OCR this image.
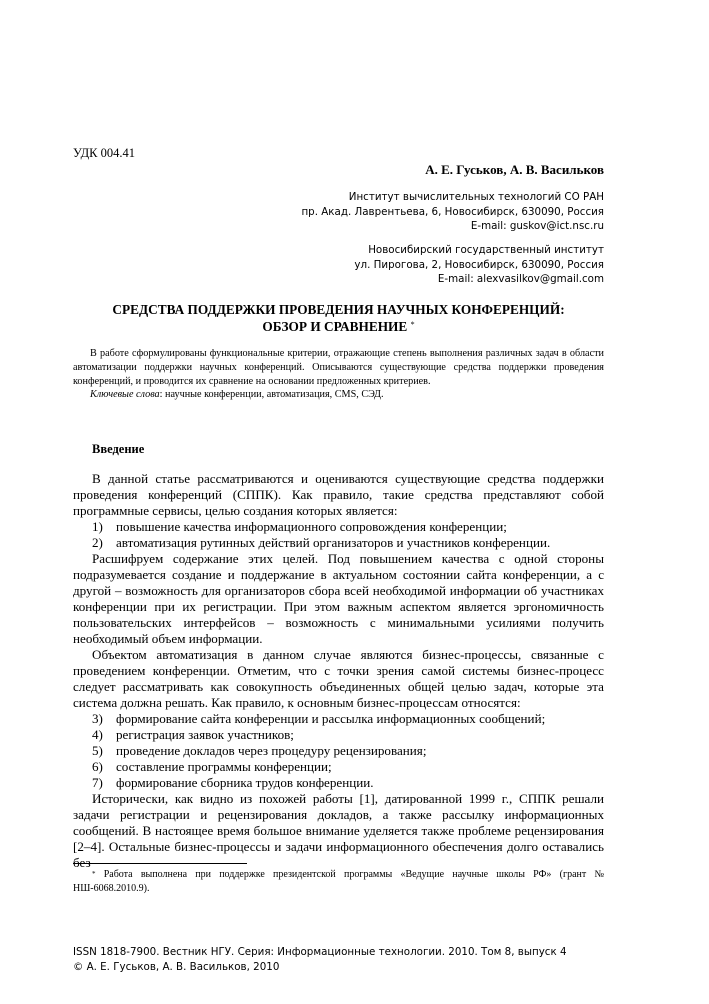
УДК 004.41
А. Е. Гуськов, А. В. Васильков
Институт вычислительных технологий СО РАН
пр. Акад. Лаврентьева, 6, Новосибирск, 630090, Россия
E-mail: guskov@ict.nsc.ru
Новосибирский государственный институт
ул. Пирогова, 2, Новосибирск, 630090, Россия
E-mail: alexvasilkov@gmail.com
СРЕДСТВА ПОДДЕРЖКИ ПРОВЕДЕНИЯ НАУЧНЫХ КОНФЕРЕНЦИЙ:
ОБЗОР И СРАВНЕНИЕ *

В работе сформулированы функциональные критерии, отражающие степень выполнения различных задач в области автоматизации поддержки научных конференций. Описываются существующие средства поддержки проведения конференций, и проводится их сравнение на основании предложенных критериев.

Ключевые слова: научные конференции, автоматизация, CMS, СЭД.

Введение

В данной статье рассматриваются и оцениваются существующие средства поддержки проведения конференций (СППК). Как правило, такие средства представляют собой программные сервисы, целью создания которых является:

1) повышение качества информационного сопровождения конференции;
2) автоматизация рутинных действий организаторов и участников конференции.

Расшифруем содержание этих целей. Под повышением качества с одной стороны подразумевается создание и поддержание в актуальном состоянии сайта конференции, а с другой – возможность для организаторов сбора всей необходимой информации об участниках конференции при их регистрации. При этом важным аспектом является эргономичность пользовательских интерфейсов – возможность с минимальными усилиями получить необходимый объем информации.

Объектом автоматизация в данном случае являются бизнес-процессы, связанные с проведением конференции. Отметим, что с точки зрения самой системы бизнес-процесс следует рассматривать как совокупность объединенных общей целью задач, которые эта система должна решать. Как правило, к основным бизнес-процессам относятся:

3) формирование сайта конференции и рассылка информационных сообщений;
4) регистрация заявок участников;
5) проведение докладов через процедуру рецензирования;
6) составление программы конференции;
7) формирование сборника трудов конференции.

Исторически, как видно из похожей работы [1], датированной 1999 г., СППК решали задачи регистрации и рецензирования докладов, а также рассылку информационных сообщений. В настоящее время большое внимание уделяется также проблеме рецензирования [2–4]. Остальные бизнес-процессы и задачи информационного обеспечения долго оставались без

* Работа выполнена при поддержке президентской программы «Ведущие научные школы РФ» (грант № НШ-6068.2010.9).

ISSN 1818-7900. Вестник НГУ. Серия: Информационные технологии. 2010. Том 8, выпуск 4
© А. Е. Гуськов, А. В. Васильков, 2010
